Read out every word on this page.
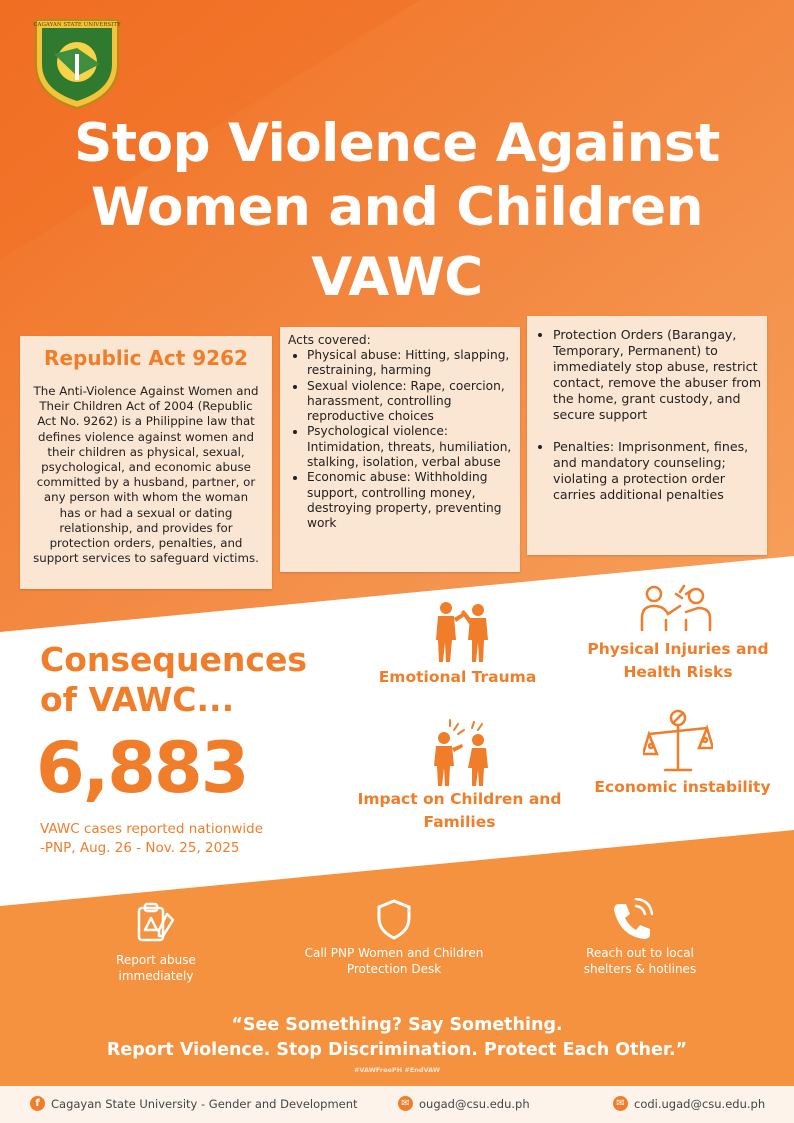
CAGAYAN STATE UNIVERSITY
Stop Violence Against
Women and Children
VAWC
Republic Act 9262
The Anti-Violence Against Women and Their Children Act of 2004 (Republic Act No. 9262) is a Philippine law that defines violence against women and their children as physical, sexual, psychological, and economic abuse committed by a husband, partner, or any person with whom the woman has or had a sexual or dating relationship, and provides for protection orders, penalties, and support services to safeguard victims.
Acts covered:
• Physical abuse: Hitting, slapping, restraining, harming
• Sexual violence: Rape, coercion, harassment, controlling reproductive choices
• Psychological violence: Intimidation, threats, humiliation, stalking, isolation, verbal abuse
• Economic abuse: Withholding support, controlling money, destroying property, preventing work
• Protection Orders (Barangay, Temporary, Permanent) to immediately stop abuse, restrict contact, remove the abuser from the home, grant custody, and secure support
• Penalties: Imprisonment, fines, and mandatory counseling; violating a protection order carries additional penalties
Consequences
of VAWC...
6,883
VAWC cases reported nationwide
-PNP, Aug. 26 - Nov. 25, 2025
Emotional Trauma
Physical Injuries and Health Risks
Impact on Children and Families
Economic instability
Report abuse immediately
Call PNP Women and Children Protection Desk
Reach out to local shelters & hotlines
“See Something? Say Something.
Report Violence. Stop Discrimination. Protect Each Other.”
#VAWFreePH #EndVAW
f Cagayan State University - Gender and Development	✉ ougad@csu.edu.ph	✉ codi.ugad@csu.edu.ph
